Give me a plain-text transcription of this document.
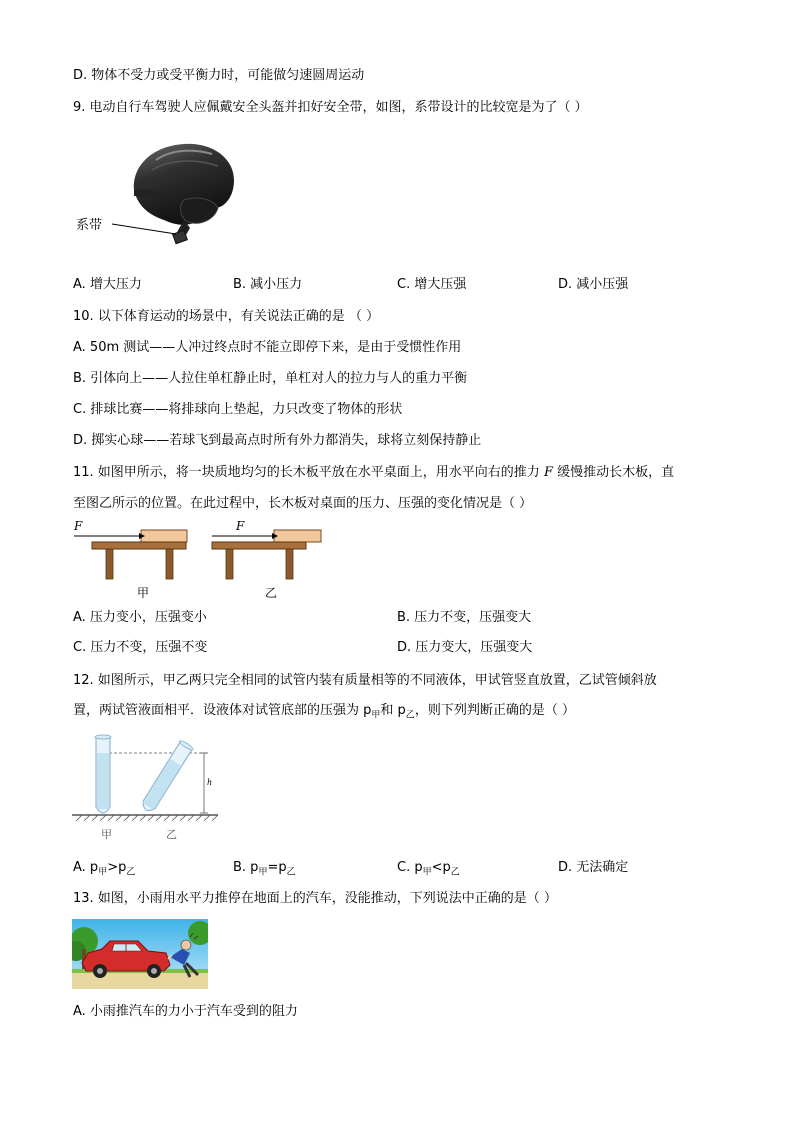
D. 物体不受力或受平衡力时，可能做匀速圆周运动
9. 电动自行车驾驶人应佩戴安全头盔并扣好安全带，如图，系带设计的比较宽是为了（ ）
系带
A. 增大压力	B. 减小压力	C. 增大压强	D. 减小压强
10. 以下体育运动的场景中，有关说法正确的是 （ ）
A. 50m 测试——人冲过终点时不能立即停下来，是由于受惯性作用
B. 引体向上——人拉住单杠静止时，单杠对人的拉力与人的重力平衡
C. 排球比赛——将排球向上垫起，力只改变了物体的形状
D. 掷实心球——若球飞到最高点时所有外力都消失，球将立刻保持静止
11. 如图甲所示，将一块质地均匀的长木板平放在水平桌面上，用水平向右的推力 F 缓慢推动长木板，直
至图乙所示的位置。在此过程中，长木板对桌面的压力、压强的变化情况是（ ）
F	F
甲	乙
A. 压力变小，压强变小	B. 压力不变，压强变大
C. 压力不变，压强不变	D. 压力变大，压强变大
12. 如图所示，甲乙两只完全相同的试管内装有质量相等的不同液体，甲试管竖直放置，乙试管倾斜放
置，两试管液面相平．设液体对试管底部的压强为 $p_甲$和 $p_乙$，则下列判断正确的是（ ）
h
甲	乙
A. $p_甲>p_乙$	B. $p_甲=p_乙$	C. $p_甲<p_乙$	D. 无法确定
13. 如图，小雨用水平力推停在地面上的汽车，没能推动，下列说法中正确的是（ ）
A. 小雨推汽车的力小于汽车受到的阻力
